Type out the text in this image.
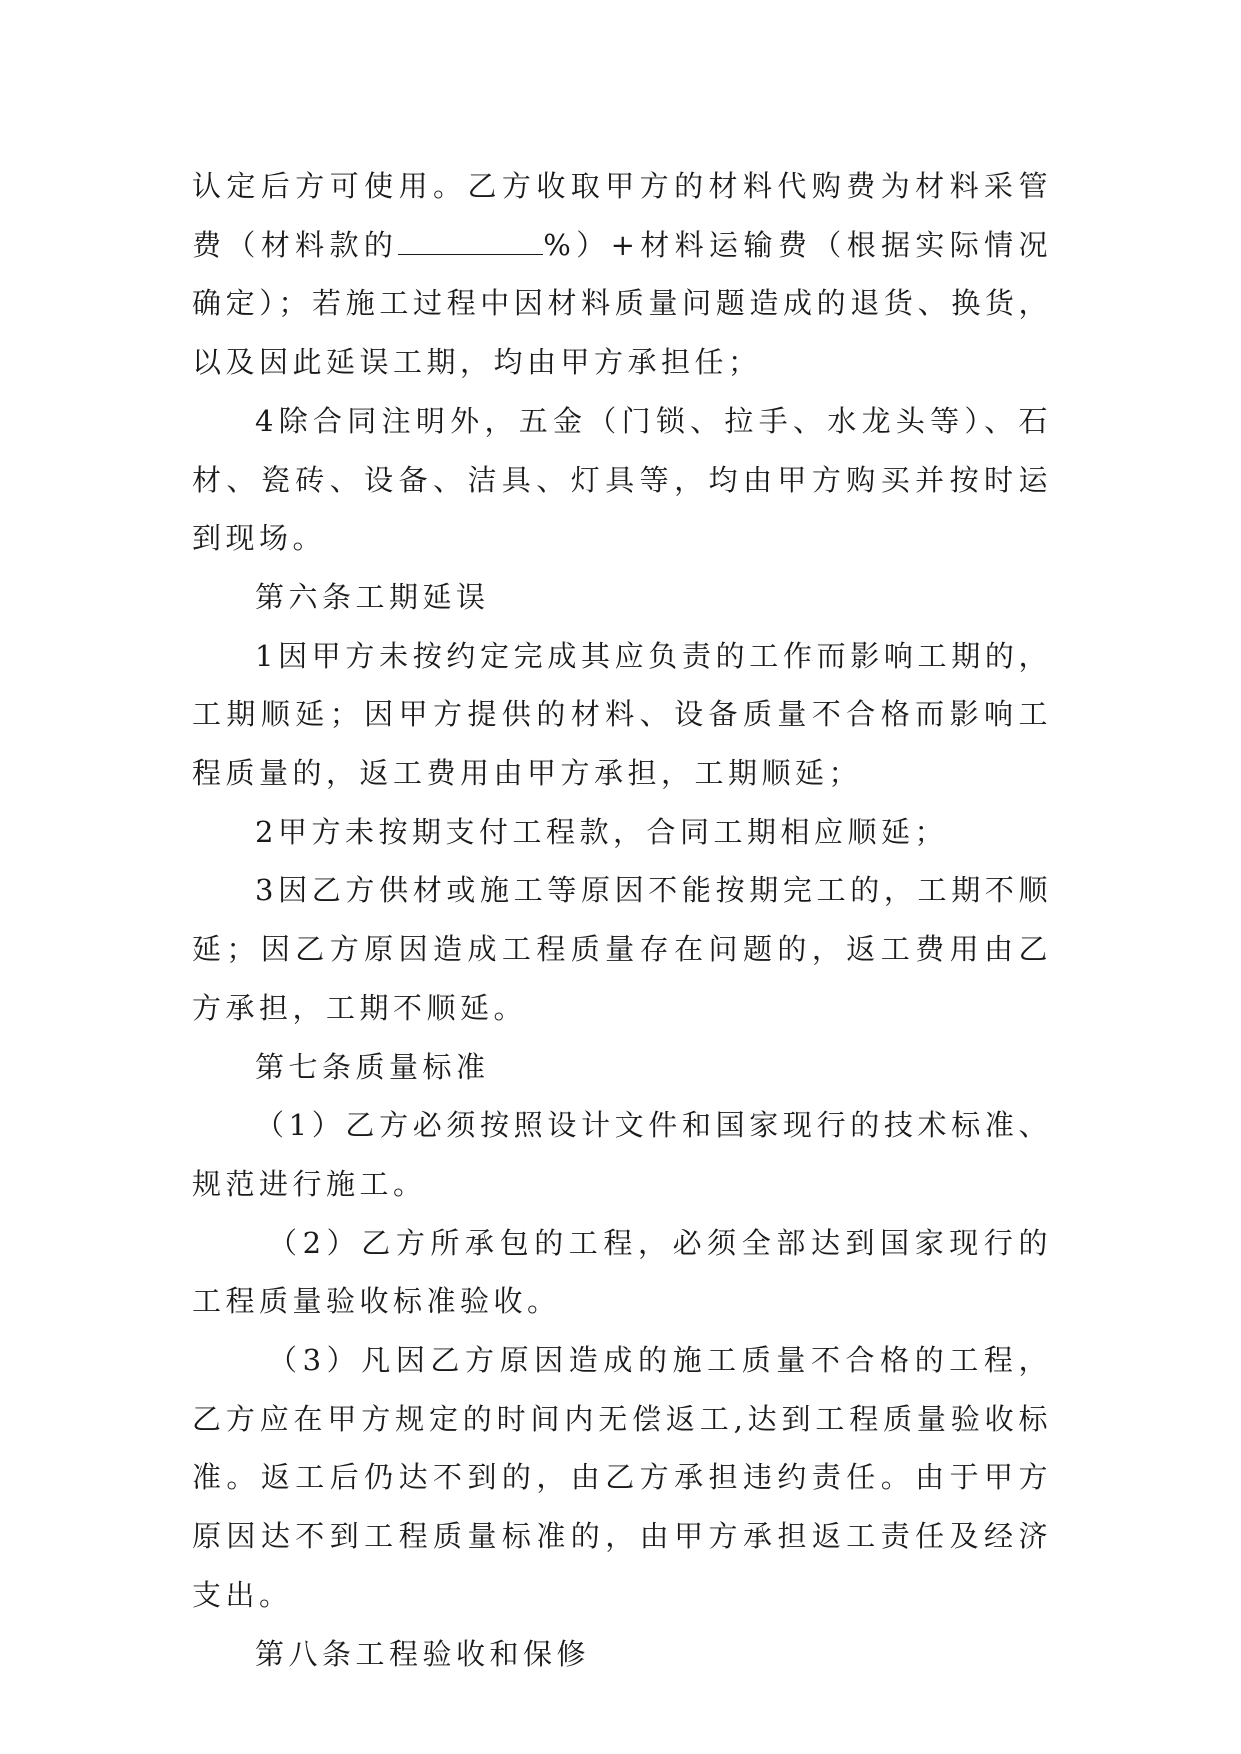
认定后方可使用。乙方收取甲方的材料代购费为材料采管费（材料款的	%）+材料运输费（根据实际情况确定）；若施工过程中因材料质量问题造成的退货、换货，以及因此延误工期，均由甲方承担任；

4除合同注明外，五金（门锁、拉手、水龙头等）、石材、瓷砖、设备、洁具、灯具等，均由甲方购买并按时运到现场。

第六条工期延误

1因甲方未按约定完成其应负责的工作而影响工期的，工期顺延；因甲方提供的材料、设备质量不合格而影响工程质量的，返工费用由甲方承担，工期顺延；

2甲方未按期支付工程款，合同工期相应顺延；

3因乙方供材或施工等原因不能按期完工的，工期不顺延；因乙方原因造成工程质量存在问题的，返工费用由乙方承担，工期不顺延。

第七条质量标准

（1）乙方必须按照设计文件和国家现行的技术标准、规范进行施工。

（2）乙方所承包的工程，必须全部达到国家现行的工程质量验收标准验收。

（3）凡因乙方原因造成的施工质量不合格的工程，乙方应在甲方规定的时间内无偿返工,达到工程质量验收标准。返工后仍达不到的，由乙方承担违约责任。由于甲方原因达不到工程质量标准的，由甲方承担返工责任及经济支出。

第八条工程验收和保修
